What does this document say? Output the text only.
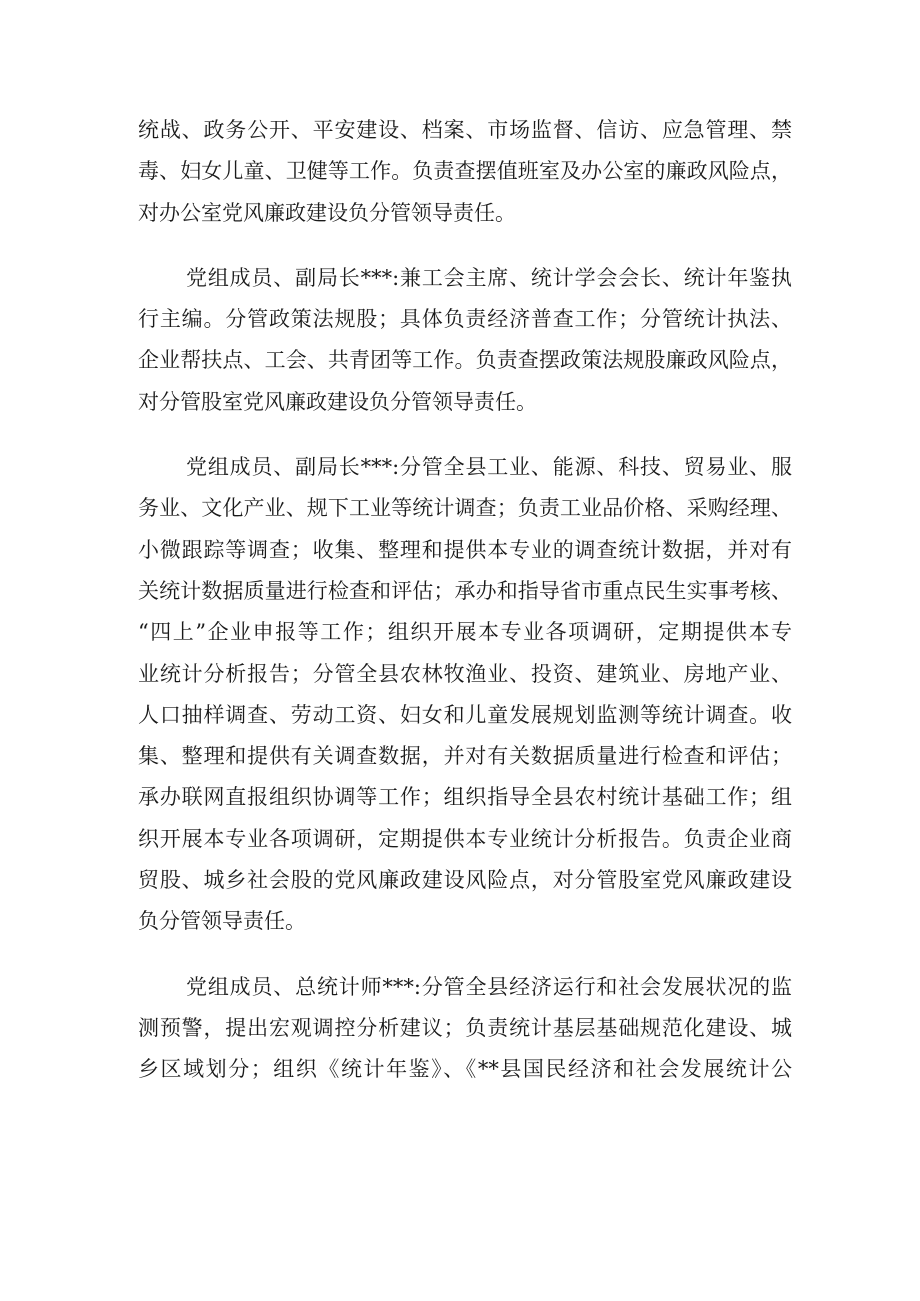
统战、政务公开、平安建设、档案、市场监督、信访、应急管理、禁
毒、妇女儿童、卫健等工作。负责查摆值班室及办公室的廉政风险点，
对办公室党风廉政建设负分管领导责任。
党组成员、副局长***:兼工会主席、统计学会会长、统计年鉴执
行主编。分管政策法规股；具体负责经济普查工作；分管统计执法、
企业帮扶点、工会、共青团等工作。负责查摆政策法规股廉政风险点，
对分管股室党风廉政建设负分管领导责任。
党组成员、副局长***:分管全县工业、能源、科技、贸易业、服
务业、文化产业、规下工业等统计调查；负责工业品价格、采购经理、
小微跟踪等调查；收集、整理和提供本专业的调查统计数据，并对有
关统计数据质量进行检查和评估；承办和指导省市重点民生实事考核、
“四上”企业申报等工作；组织开展本专业各项调研，定期提供本专
业统计分析报告；分管全县农林牧渔业、投资、建筑业、房地产业、
人口抽样调查、劳动工资、妇女和儿童发展规划监测等统计调查。收
集、整理和提供有关调查数据，并对有关数据质量进行检查和评估；
承办联网直报组织协调等工作；组织指导全县农村统计基础工作；组
织开展本专业各项调研，定期提供本专业统计分析报告。负责企业商
贸股、城乡社会股的党风廉政建设风险点，对分管股室党风廉政建设
负分管领导责任。
党组成员、总统计师***:分管全县经济运行和社会发展状况的监
测预警，提出宏观调控分析建议；负责统计基层基础规范化建设、城
乡区域划分；组织《统计年鉴》、《**县国民经济和社会发展统计公
